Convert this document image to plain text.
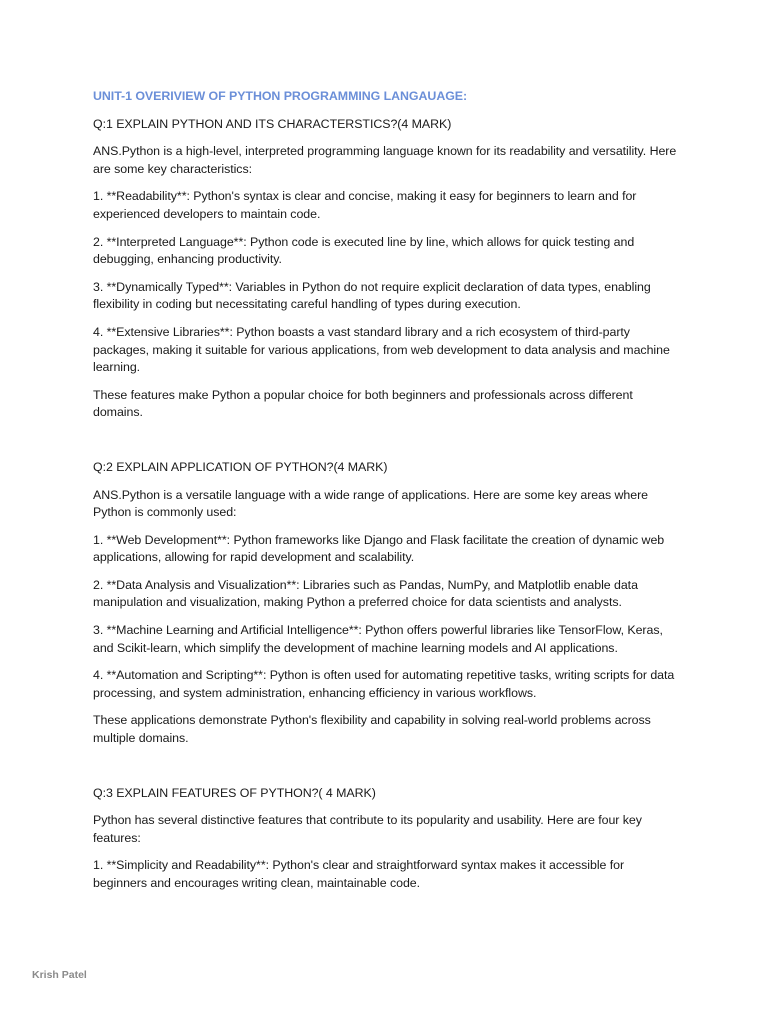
UNIT-1 OVERIVIEW OF PYTHON PROGRAMMING LANGAUAGE:
Q:1 EXPLAIN PYTHON AND ITS CHARACTERSTICS?(4 MARK)
ANS.Python is a high-level, interpreted programming language known for its readability and versatility. Here are some key characteristics:
1. **Readability**: Python's syntax is clear and concise, making it easy for beginners to learn and for experienced developers to maintain code.
2. **Interpreted Language**: Python code is executed line by line, which allows for quick testing and debugging, enhancing productivity.
3. **Dynamically Typed**: Variables in Python do not require explicit declaration of data types, enabling flexibility in coding but necessitating careful handling of types during execution.
4. **Extensive Libraries**: Python boasts a vast standard library and a rich ecosystem of third-party packages, making it suitable for various applications, from web development to data analysis and machine learning.
These features make Python a popular choice for both beginners and professionals across different domains.
Q:2 EXPLAIN APPLICATION OF PYTHON?(4 MARK)
ANS.Python is a versatile language with a wide range of applications. Here are some key areas where Python is commonly used:
1. **Web Development**: Python frameworks like Django and Flask facilitate the creation of dynamic web applications, allowing for rapid development and scalability.
2. **Data Analysis and Visualization**: Libraries such as Pandas, NumPy, and Matplotlib enable data manipulation and visualization, making Python a preferred choice for data scientists and analysts.
3. **Machine Learning and Artificial Intelligence**: Python offers powerful libraries like TensorFlow, Keras, and Scikit-learn, which simplify the development of machine learning models and AI applications.
4. **Automation and Scripting**: Python is often used for automating repetitive tasks, writing scripts for data processing, and system administration, enhancing efficiency in various workflows.
These applications demonstrate Python's flexibility and capability in solving real-world problems across multiple domains.
Q:3 EXPLAIN FEATURES OF PYTHON?( 4 MARK)
Python has several distinctive features that contribute to its popularity and usability. Here are four key features:
1. **Simplicity and Readability**: Python's clear and straightforward syntax makes it accessible for beginners and encourages writing clean, maintainable code.
Krish Patel
